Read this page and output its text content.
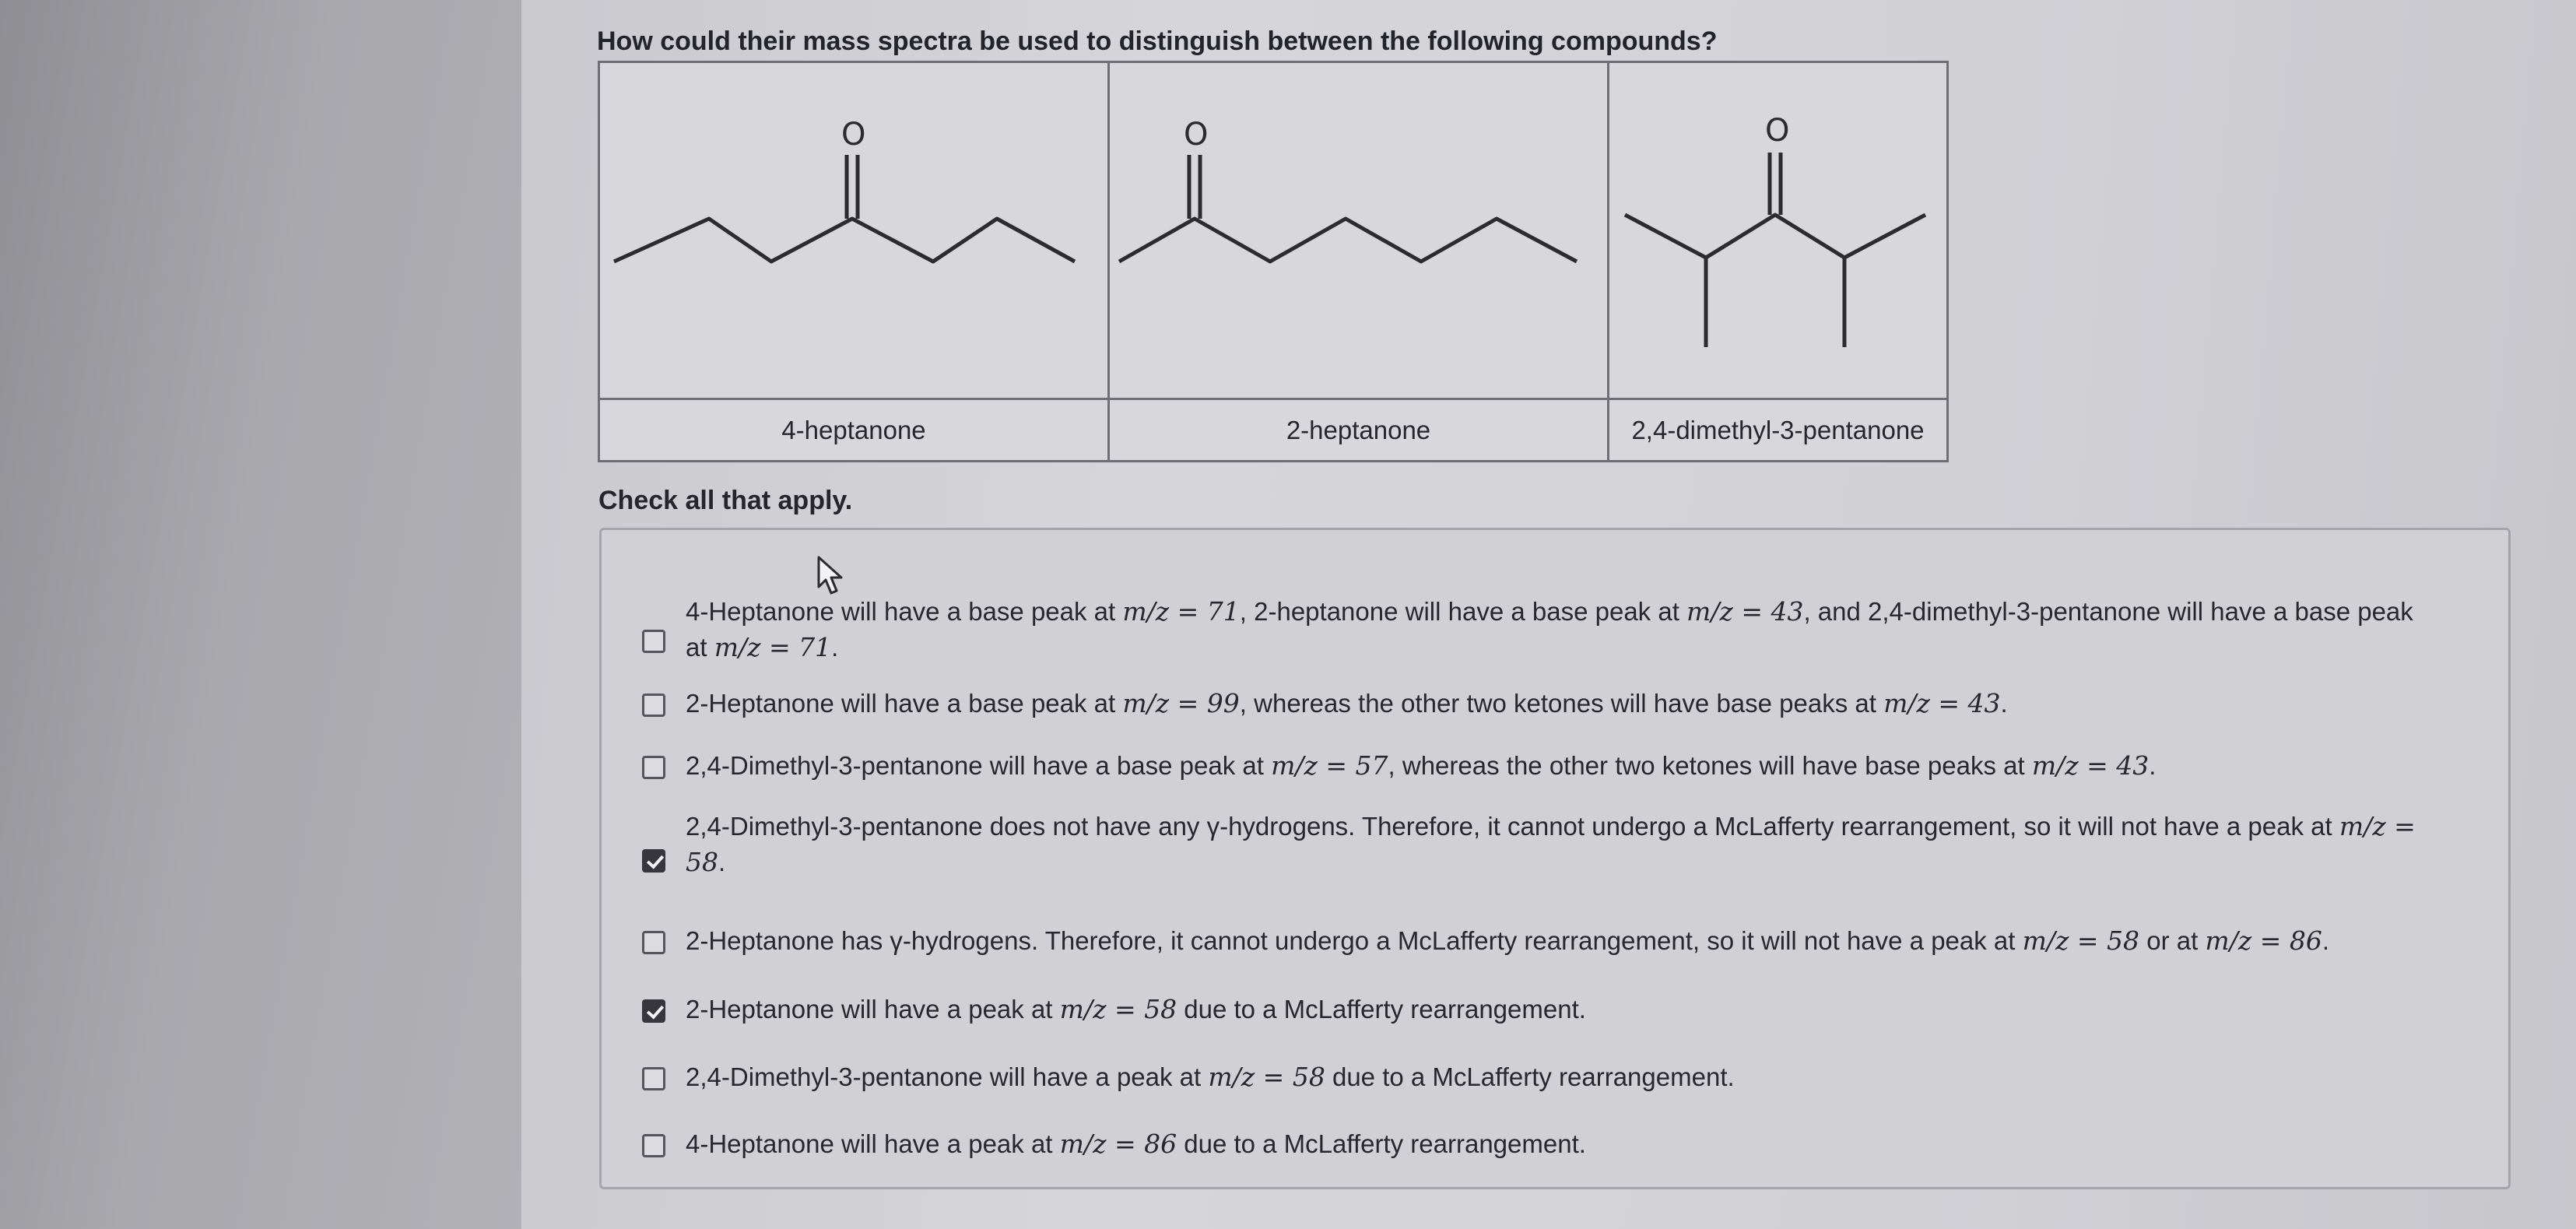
How could their mass spectra be used to distinguish between the following compounds?
O	O	O
4-heptanone	2-heptanone	2,4-dimethyl-3-pentanone
Check all that apply.
4-Heptanone will have a base peak at m/z = 71, 2-heptanone will have a base peak at m/z = 43, and 2,4-dimethyl-3-pentanone will have a base peak at m/z = 71.
2-Heptanone will have a base peak at m/z = 99, whereas the other two ketones will have base peaks at m/z = 43.
2,4-Dimethyl-3-pentanone will have a base peak at m/z = 57, whereas the other two ketones will have base peaks at m/z = 43.
2,4-Dimethyl-3-pentanone does not have any γ-hydrogens. Therefore, it cannot undergo a McLafferty rearrangement, so it will not have a peak at m/z = 58.
2-Heptanone has γ-hydrogens. Therefore, it cannot undergo a McLafferty rearrangement, so it will not have a peak at m/z = 58 or at m/z = 86.
2-Heptanone will have a peak at m/z = 58 due to a McLafferty rearrangement.
2,4-Dimethyl-3-pentanone will have a peak at m/z = 58 due to a McLafferty rearrangement.
4-Heptanone will have a peak at m/z = 86 due to a McLafferty rearrangement.
